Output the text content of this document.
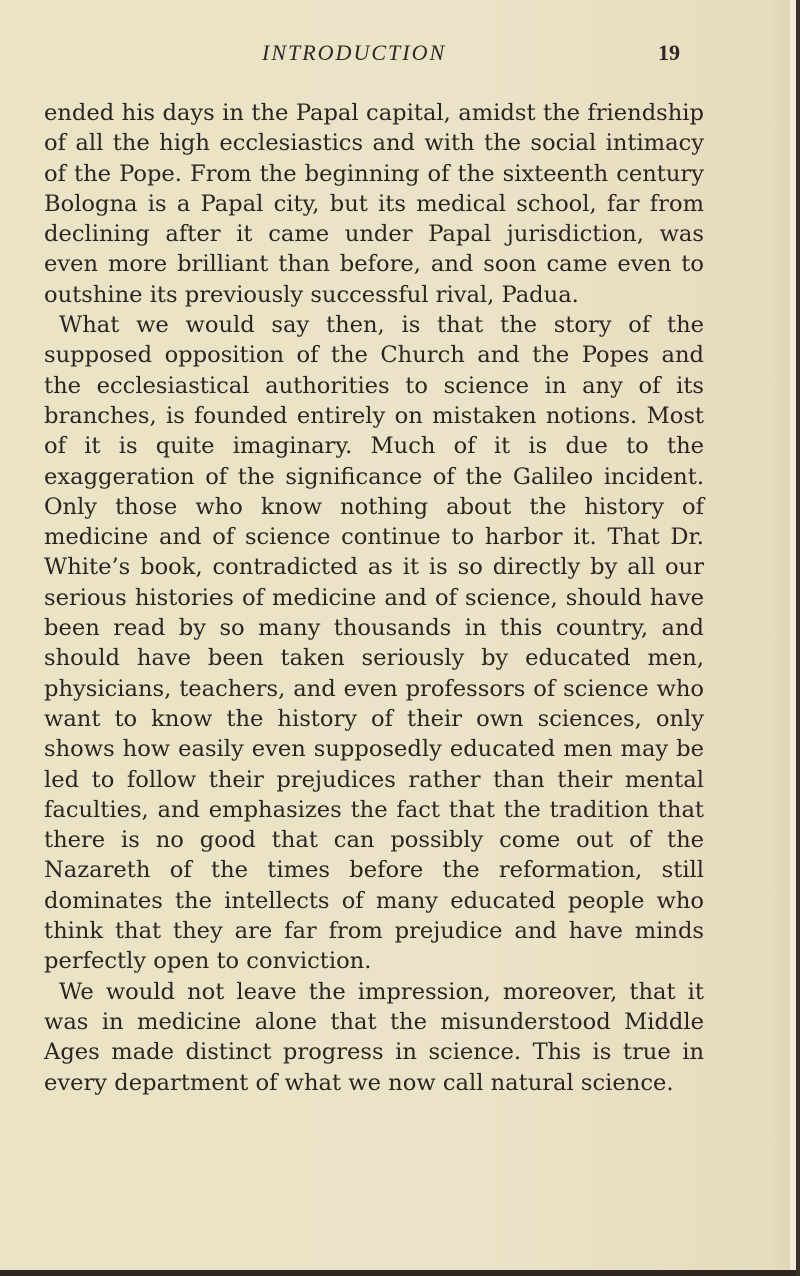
INTRODUCTION	19

ended his days in the Papal capital, amidst the friendship of all the high ecclesiastics and with the social intimacy of the Pope. From the beginning of the sixteenth century Bologna is a Papal city, but its medical school, far from declining after it came under Papal jurisdiction, was even more brilliant than before, and soon came even to outshine its previously successful rival, Padua.

What we would say then, is that the story of the supposed opposition of the Church and the Popes and the ecclesiastical authorities to science in any of its branches, is founded entirely on mistaken notions. Most of it is quite imaginary. Much of it is due to the exaggeration of the significance of the Galileo incident. Only those who know nothing about the history of medicine and of science continue to harbor it. That Dr. White’s book, contradicted as it is so directly by all our serious histories of medicine and of science, should have been read by so many thousands in this country, and should have been taken seriously by educated men, physicians, teachers, and even professors of science who want to know the history of their own sciences, only shows how easily even supposedly educated men may be led to follow their prejudices rather than their mental faculties, and emphasizes the fact that the tradition that there is no good that can possibly come out of the Nazareth of the times before the reformation, still dominates the intellects of many educated people who think that they are far from prejudice and have minds perfectly open to conviction.

We would not leave the impression, moreover, that it was in medicine alone that the misunderstood Middle Ages made distinct progress in science. This is true in every department of what we now call natural science.
